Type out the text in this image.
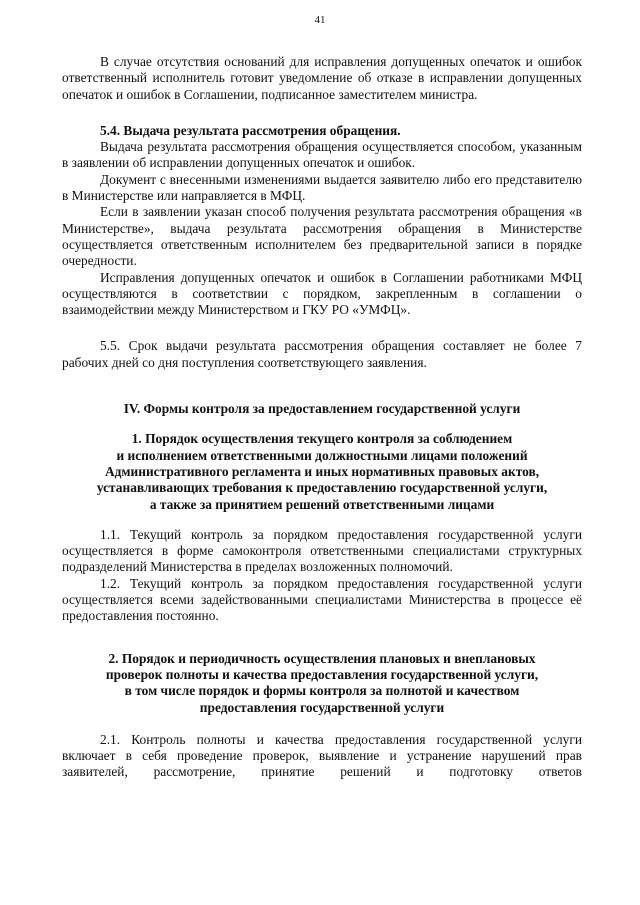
41

В случае отсутствия оснований для исправления допущенных опечаток и ошибок ответственный исполнитель готовит уведомление об отказе в исправлении допущенных опечаток и ошибок в Соглашении, подписанное заместителем министра.

5.4. Выдача результата рассмотрения обращения.

Выдача результата рассмотрения обращения осуществляется способом, указанным в заявлении об исправлении допущенных опечаток и ошибок.

Документ с внесенными изменениями выдается заявителю либо его представителю в Министерстве или направляется в МФЦ.

Если в заявлении указан способ получения результата рассмотрения обращения «в Министерстве», выдача результата рассмотрения обращения в Министерстве осуществляется ответственным исполнителем без предварительной записи в порядке очередности.

Исправления допущенных опечаток и ошибок в Соглашении работниками МФЦ осуществляются в соответствии с порядком, закрепленным в соглашении о взаимодействии между Министерством и ГКУ РО «УМФЦ».

5.5. Срок выдачи результата рассмотрения обращения составляет не более 7 рабочих дней со дня поступления соответствующего заявления.

IV. Формы контроля за предоставлением государственной услуги
1. Порядок осуществления текущего контроля за соблюдением
и исполнением ответственными должностными лицами положений
Административного регламента и иных нормативных правовых актов,
устанавливающих требования к предоставлению государственной услуги,
а также за принятием решений ответственными лицами

1.1. Текущий контроль за порядком предоставления государственной услуги осуществляется в форме самоконтроля ответственными специалистами структурных подразделений Министерства в пределах возложенных полномочий.

1.2. Текущий контроль за порядком предоставления государственной услуги осуществляется всеми задействованными специалистами Министерства в процессе её предоставления постоянно.

2. Порядок и периодичность осуществления плановых и внеплановых
проверок полноты и качества предоставления государственной услуги,
в том числе порядок и формы контроля за полнотой и качеством
предоставления государственной услуги

2.1. Контроль полноты и качества предоставления государственной услуги включает в себя проведение проверок, выявление и устранение нарушений прав заявителей, рассмотрение, принятие решений и подготовку ответов
